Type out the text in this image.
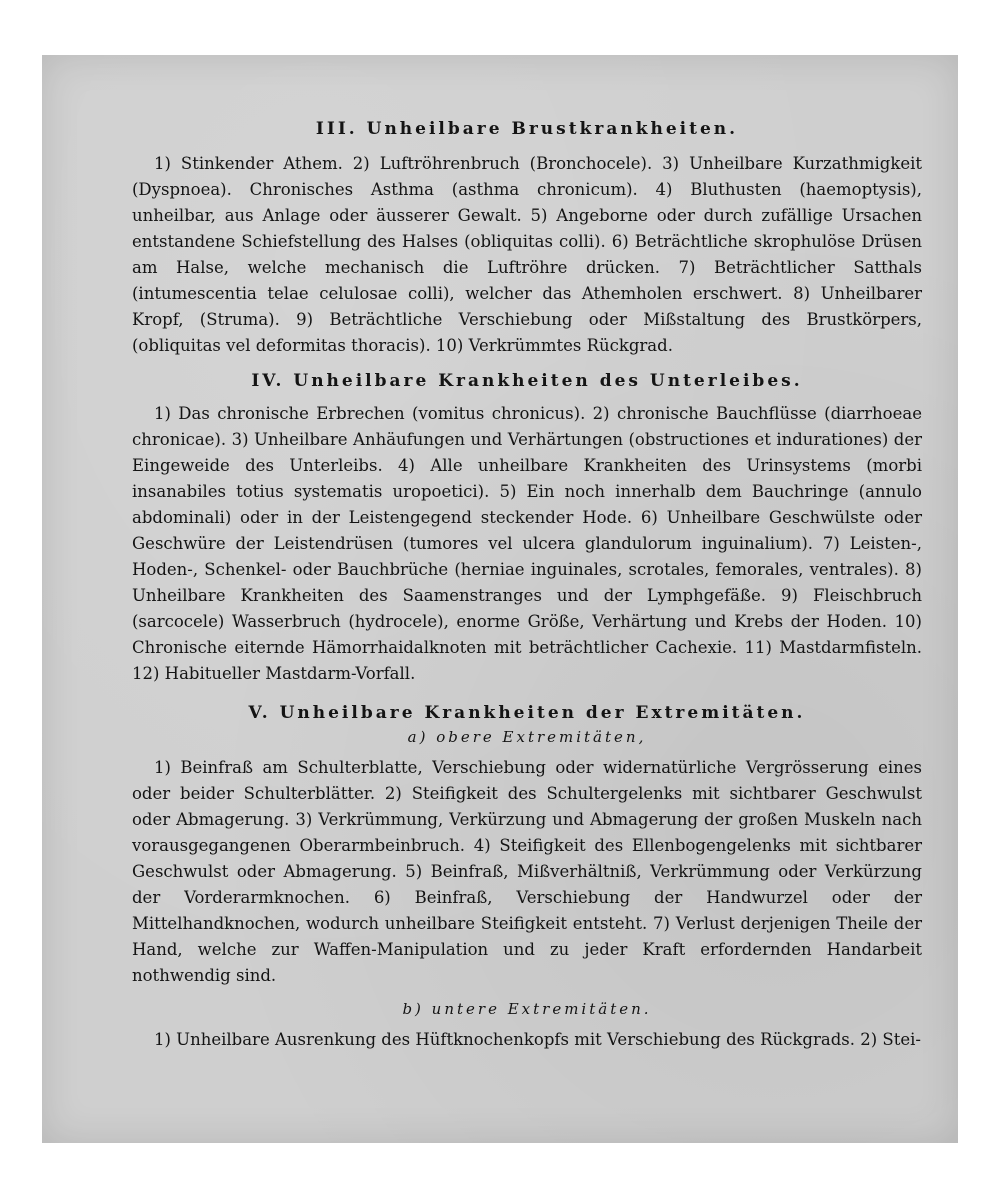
III. Unheilbare Brustkrankheiten.

1) Stinkender Athem. 2) Luftröhrenbruch (Bronchocele). 3) Unheilbare Kurzathmigkeit (Dyspnoea). Chronisches Asthma (asthma chronicum). 4) Bluthusten (haemoptysis), unheilbar, aus Anlage oder äusserer Gewalt. 5) Angeborne oder durch zufällige Ursachen entstandene Schiefstellung des Halses (obliquitas colli). 6) Beträchtliche skrophulöse Drüsen am Halse, welche mechanisch die Luftröhre drücken. 7) Beträchtlicher Satthals (intumescentia telae celulosae colli), welcher das Athemholen erschwert. 8) Unheilbarer Kropf, (Struma). 9) Beträchtliche Verschiebung oder Mißstaltung des Brustkörpers, (obliquitas vel deformitas thoracis). 10) Verkrümmtes Rückgrad.

IV. Unheilbare Krankheiten des Unterleibes.

1) Das chronische Erbrechen (vomitus chronicus). 2) chronische Bauchflüsse (diarrhoeae chronicae). 3) Unheilbare Anhäufungen und Verhärtungen (obstructiones et indurationes) der Eingeweide des Unterleibs. 4) Alle unheilbare Krankheiten des Urinsystems (morbi insanabiles totius systematis uropoetici). 5) Ein noch innerhalb dem Bauchringe (annulo abdominali) oder in der Leistengegend steckender Hode. 6) Unheilbare Geschwülste oder Geschwüre der Leistendrüsen (tumores vel ulcera glandulorum inguinalium). 7) Leisten-, Hoden-, Schenkel- oder Bauchbrüche (herniae inguinales, scrotales, femorales, ventrales). 8) Unheilbare Krankheiten des Saamenstranges und der Lymphgefäße. 9) Fleischbruch (sarcocele) Wasserbruch (hydrocele), enorme Größe, Verhärtung und Krebs der Hoden. 10) Chronische eiternde Hämorrhaidalknoten mit beträchtlicher Cachexie. 11) Mastdarmfisteln. 12) Habitueller Mastdarm-Vorfall.

V. Unheilbare Krankheiten der Extremitäten.
a) obere Extremitäten,

1) Beinfraß am Schulterblatte, Verschiebung oder widernatürliche Vergrösserung eines oder beider Schulterblätter. 2) Steifigkeit des Schultergelenks mit sichtbarer Geschwulst oder Abmagerung. 3) Verkrümmung, Verkürzung und Abmagerung der großen Muskeln nach vorausgegangenen Oberarmbeinbruch. 4) Steifigkeit des Ellenbogengelenks mit sichtbarer Geschwulst oder Abmagerung. 5) Beinfraß, Mißverhältniß, Verkrümmung oder Verkürzung der Vorderarmknochen. 6) Beinfraß, Verschiebung der Handwurzel oder der Mittelhandknochen, wodurch unheilbare Steifigkeit entsteht. 7) Verlust derjenigen Theile der Hand, welche zur Waffen-Manipulation und zu jeder Kraft erfordernden Handarbeit nothwendig sind.

b) untere Extremitäten.

1) Unheilbare Ausrenkung des Hüftknochenkopfs mit Verschiebung des Rückgrads. 2) Stei-
